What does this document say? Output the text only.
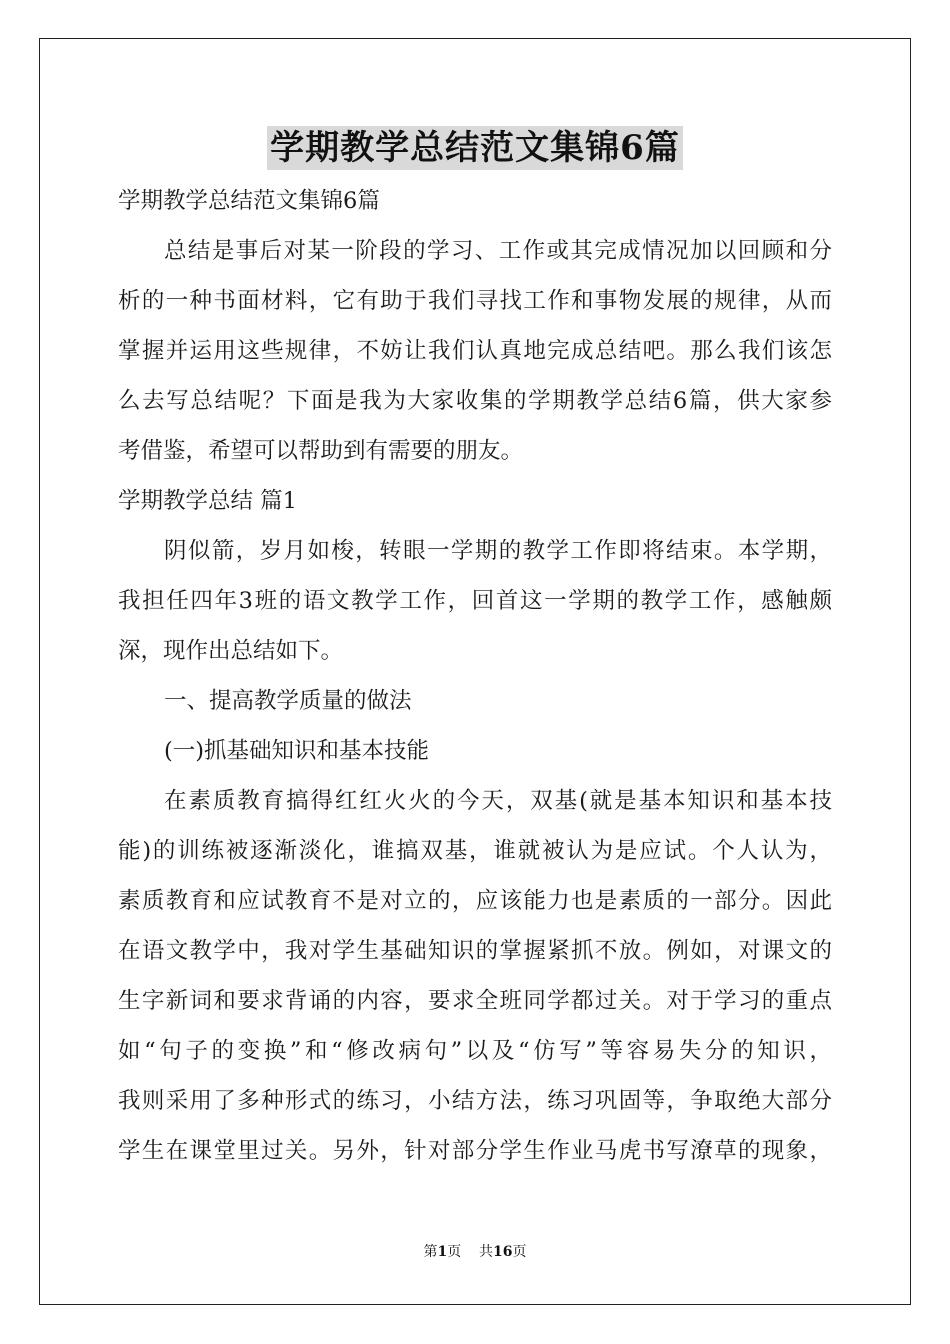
学期教学总结范文集锦6篇
学期教学总结范文集锦6篇
总结是事后对某一阶段的学习、工作或其完成情况加以回顾和分
析的一种书面材料，它有助于我们寻找工作和事物发展的规律，从而
掌握并运用这些规律，不妨让我们认真地完成总结吧。那么我们该怎
么去写总结呢？下面是我为大家收集的学期教学总结6篇，供大家参
考借鉴，希望可以帮助到有需要的朋友。
学期教学总结 篇1
阴似箭，岁月如梭，转眼一学期的教学工作即将结束。本学期，
我担任四年3班的语文教学工作，回首这一学期的教学工作，感触颇
深，现作出总结如下。
一、提高教学质量的做法
(一)抓基础知识和基本技能
在素质教育搞得红红火火的今天，双基(就是基本知识和基本技
能)的训练被逐渐淡化，谁搞双基，谁就被认为是应试。个人认为，
素质教育和应试教育不是对立的，应该能力也是素质的一部分。因此
在语文教学中，我对学生基础知识的掌握紧抓不放。例如，对课文的
生字新词和要求背诵的内容，要求全班同学都过关。对于学习的重点
如“句子的变换”和“修改病句”以及“仿写”等容易失分的知识，
我则采用了多种形式的练习，小结方法，练习巩固等，争取绝大部分
学生在课堂里过关。另外，针对部分学生作业马虎书写潦草的现象，
第1页    共16页
